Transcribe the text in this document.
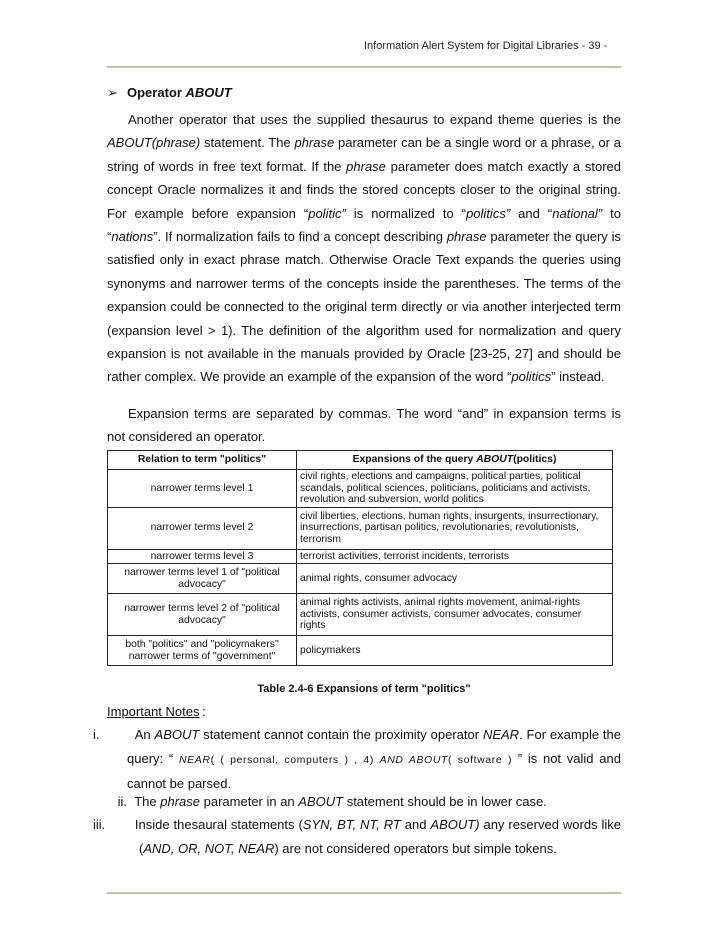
Information Alert System for Digital Libraries - 39 -
➢ Operator ABOUT
Another operator that uses the supplied thesaurus to expand theme queries is the ABOUT(phrase) statement. The phrase parameter can be a single word or a phrase, or a string of words in free text format. If the phrase parameter does match exactly a stored concept Oracle normalizes it and finds the stored concepts closer to the original string. For example before expansion “politic” is normalized to “politics” and “national” to “nations”. If normalization fails to find a concept describing phrase parameter the query is satisfied only in exact phrase match. Otherwise Oracle Text expands the queries using synonyms and narrower terms of the concepts inside the parentheses. The terms of the expansion could be connected to the original term directly or via another interjected term (expansion level > 1). The definition of the algorithm used for normalization and query expansion is not available in the manuals provided by Oracle [23-25, 27] and should be rather complex. We provide an example of the expansion of the word “politics” instead.
Expansion terms are separated by commas. The word “and” in expansion terms is not considered an operator.
Relation to term "politics"	Expansions of the query ABOUT(politics)
narrower terms level 1	civil rights, elections and campaigns, political parties, political scandals, political sciences, politicians, politicians and activists, revolution and subversion, world politics
narrower terms level 2	civil liberties, elections, human rights, insurgents, insurrectionary, insurrections, partisan politics, revolutionaries, revolutionists, terrorism
narrower terms level 3	terrorist activities, terrorist incidents, terrorists
narrower terms level 1 of "political advocacy"	animal rights, consumer advocacy
narrower terms level 2 of "political advocacy"	animal rights activists, animal rights movement, animal-rights activists, consumer activists, consumer advocates, consumer rights
both "politics" and "policymakers" narrower terms of "government"	policymakers
Table 2.4-6 Expansions of term "politics"
Important Notes :
i.	An ABOUT statement cannot contain the proximity operator NEAR. For example the
query: “ NEAR( ( personal, computers ) , 4) AND ABOUT( software ) ” is not valid and
cannot be parsed.
ii. The phrase parameter in an ABOUT statement should be in lower case.
iii. Inside thesaural statements (SYN, BT, NT, RT and ABOUT) any reserved words like
(AND, OR, NOT, NEAR) are not considered operators but simple tokens.
